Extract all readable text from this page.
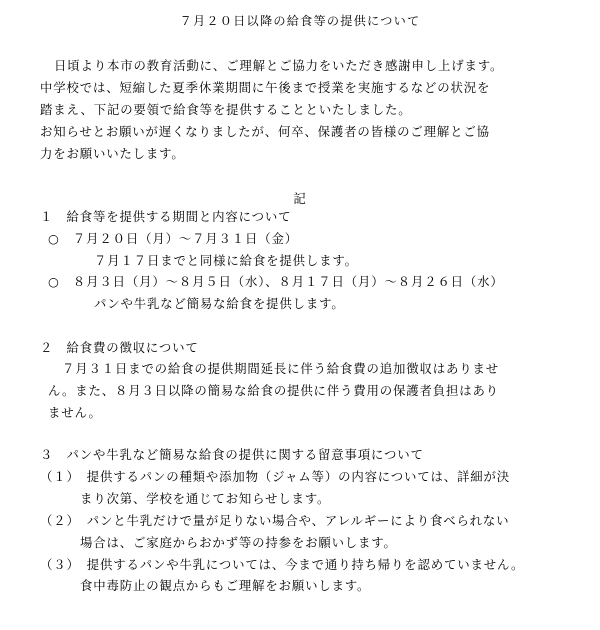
７月２０日以降の給食等の提供について
日頃より本市の教育活動に、ご理解とご協力をいただき感謝申し上げます。
中学校では、短縮した夏季休業期間に午後まで授業を実施するなどの状況を
踏まえ、下記の要領で給食等を提供することといたしました。
お知らせとお願いが遅くなりましたが、何卒、保護者の皆様のご理解とご協
力をお願いいたします。
記
１　給食等を提供する期間と内容について
○　７月２０日（月）～７月３１日（金）
７月１７日までと同様に給食を提供します。
○　８月３日（月）～８月５日（水）、８月１７日（月）～８月２６日（水）
パンや牛乳など簡易な給食を提供します。
２　給食費の徴収について
７月３１日までの給食の提供期間延長に伴う給食費の追加徴収はありませ
ん。また、８月３日以降の簡易な給食の提供に伴う費用の保護者負担はあり
ません。
３　パンや牛乳など簡易な給食の提供に関する留意事項について
（１）　提供するパンの種類や添加物（ジャム等）の内容については、詳細が決
まり次第、学校を通じてお知らせします。
（２）　パンと牛乳だけで量が足りない場合や、アレルギーにより食べられない
場合は、ご家庭からおかず等の持参をお願いします。
（３）　提供するパンや牛乳については、今まで通り持ち帰りを認めていません。
食中毒防止の観点からもご理解をお願いします。
